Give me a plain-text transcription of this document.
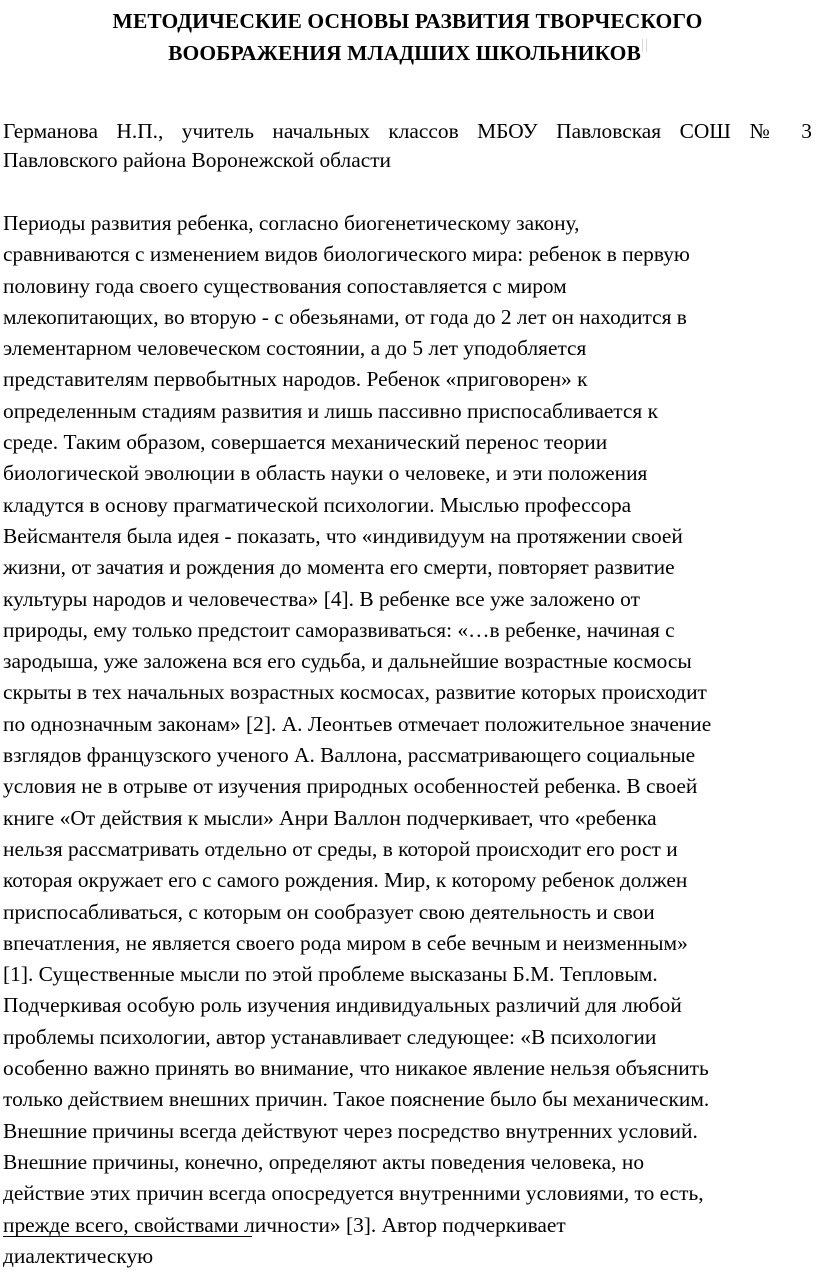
МЕТОДИЧЕСКИЕ ОСНОВЫ РАЗВИТИЯ ТВОРЧЕСКОГО
ВООБРАЖЕНИЯ МЛАДШИХ ШКОЛЬНИКОВ

Германова Н.П., учитель начальных классов МБОУ Павловская СОШ № 3
Павловского района Воронежской области

Периоды развития ребенка, согласно биогенетическому закону,
сравниваются с изменением видов биологического мира: ребенок в первую
половину года своего существования сопоставляется с миром
млекопитающих, во вторую - с обезьянами, от года до 2 лет он находится в
элементарном человеческом состоянии, а до 5 лет уподобляется
представителям первобытных народов. Ребенок «приговорен» к
определенным стадиям развития и лишь пассивно приспосабливается к
среде. Таким образом, совершается механический перенос теории
биологической эволюции в область науки о человеке, и эти положения
кладутся в основу прагматической психологии. Мыслью профессора
Вейсмантеля была идея - показать, что «индивидуум на протяжении своей
жизни, от зачатия и рождения до момента его смерти, повторяет развитие
культуры народов и человечества» [4]. В ребенке все уже заложено от
природы, ему только предстоит саморазвиваться: «…в ребенке, начиная с
зародыша, уже заложена вся его судьба, и дальнейшие возрастные космосы
скрыты в тех начальных возрастных космосах, развитие которых происходит
по однозначным законам» [2]. А. Леонтьев отмечает положительное значение
взглядов французского ученого А. Валлона, рассматривающего социальные
условия не в отрыве от изучения природных особенностей ребенка. В своей
книге «От действия к мысли» Анри Валлон подчеркивает, что «ребенка
нельзя рассматривать отдельно от среды, в которой происходит его рост и
которая окружает его с самого рождения. Мир, к которому ребенок должен
приспосабливаться, с которым он сообразует свою деятельность и свои
впечатления, не является своего рода миром в себе вечным и неизменным»
[1]. Существенные мысли по этой проблеме высказаны Б.М. Тепловым.
Подчеркивая особую роль изучения индивидуальных различий для любой
проблемы психологии, автор устанавливает следующее: «В психологии
особенно важно принять во внимание, что никакое явление нельзя объяснить
только действием внешних причин. Такое пояснение было бы механическим.
Внешние причины всегда действуют через посредство внутренних условий.
Внешние причины, конечно, определяют акты поведения человека, но
действие этих причин всегда опосредуется внутренними условиями, то есть,
прежде всего, свойствами личности» [3]. Автор подчеркивает
диалектическую
